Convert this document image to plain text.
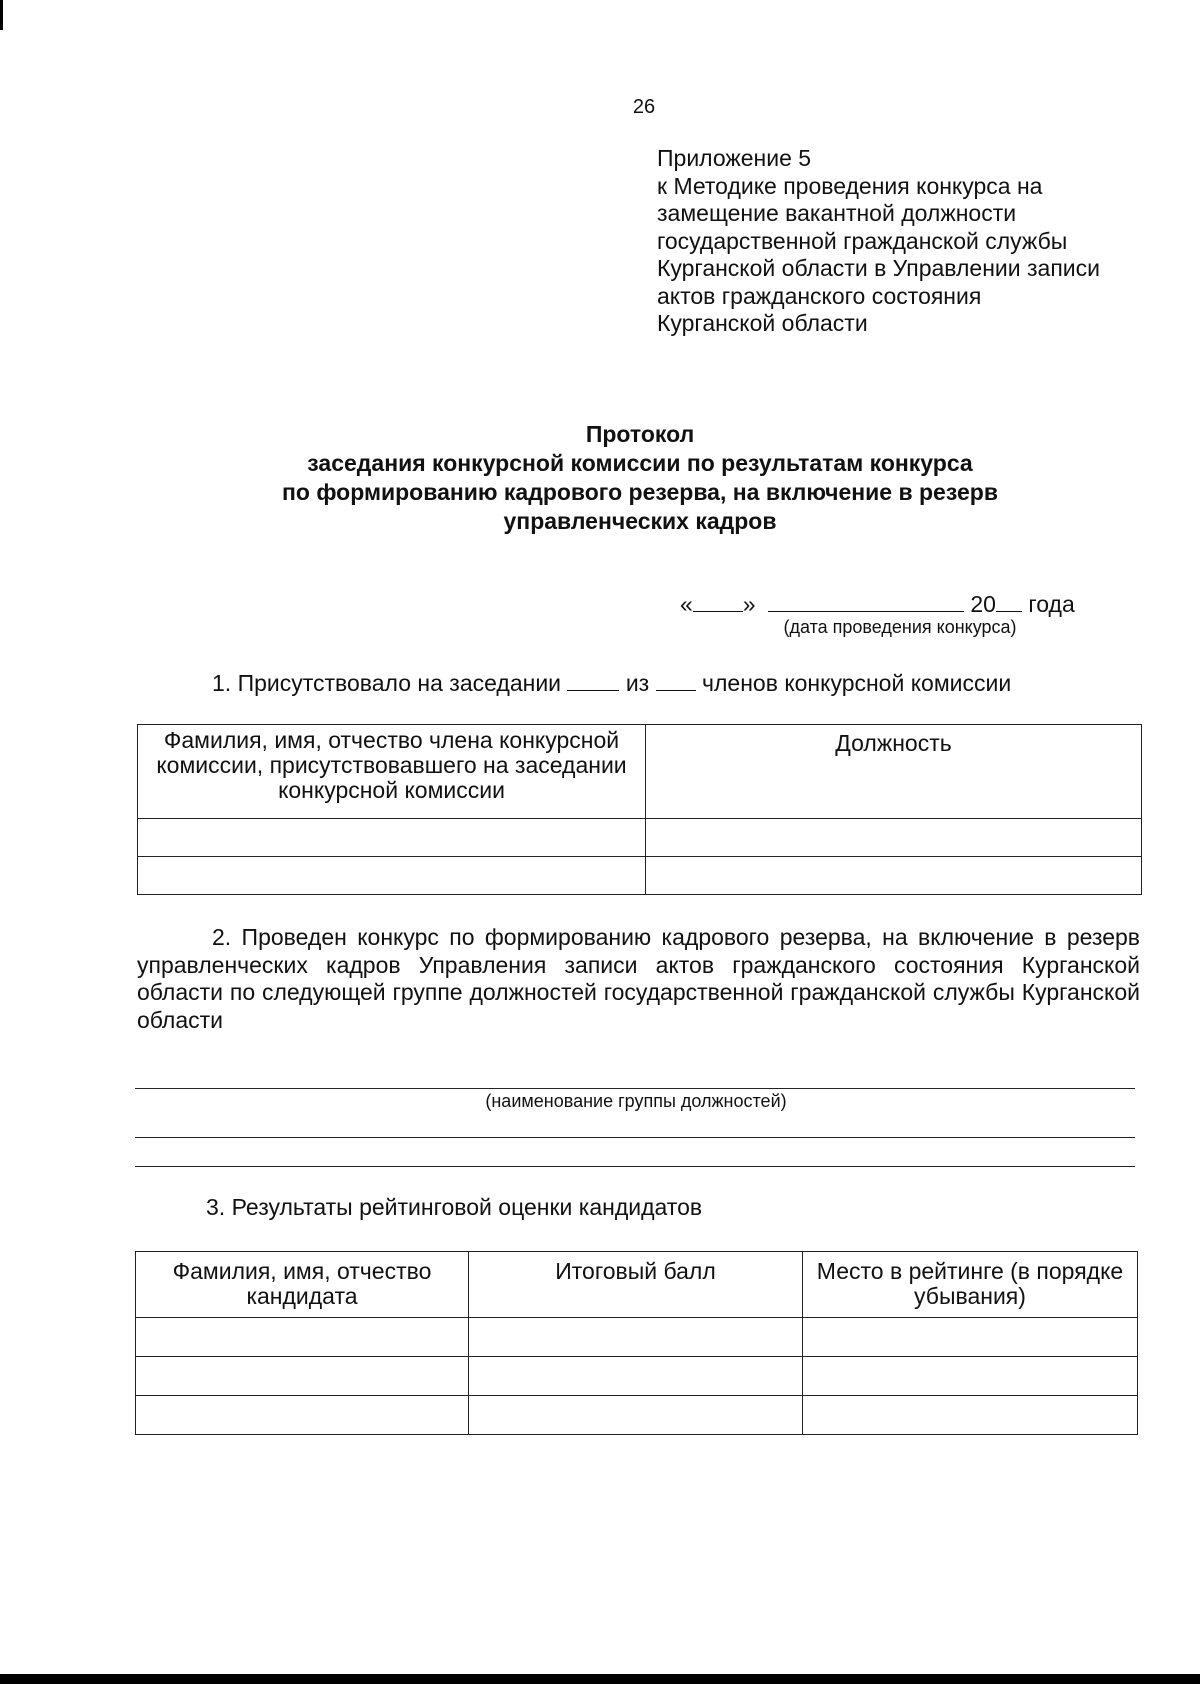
26
Приложение 5
к Методике проведения конкурса на
замещение вакантной должности
государственной гражданской службы
Курганской области в Управлении записи
актов гражданского состояния
Курганской области
Протокол
заседания конкурсной комиссии по результатам конкурса
по формированию кадрового резерва, на включение в резерв
управленческих кадров
« »	20 года
(дата проведения конкурса)
1. Присутствовало на заседании	из членов конкурсной комиссии
Фамилия, имя, отчество члена конкурсной комиссии, присутствовавшего на заседании конкурсной комиссии	Должность

2. Проведен конкурс по формированию кадрового резерва, на включение в резерв управленческих кадров Управления записи актов гражданского состояния Курганской области по следующей группе должностей государственной гражданской службы Курганской области
(наименование группы должностей)
3. Результаты рейтинговой оценки кандидатов
Фамилия, имя, отчество кандидата	Итоговый балл	Место в рейтинге (в порядке убывания)
